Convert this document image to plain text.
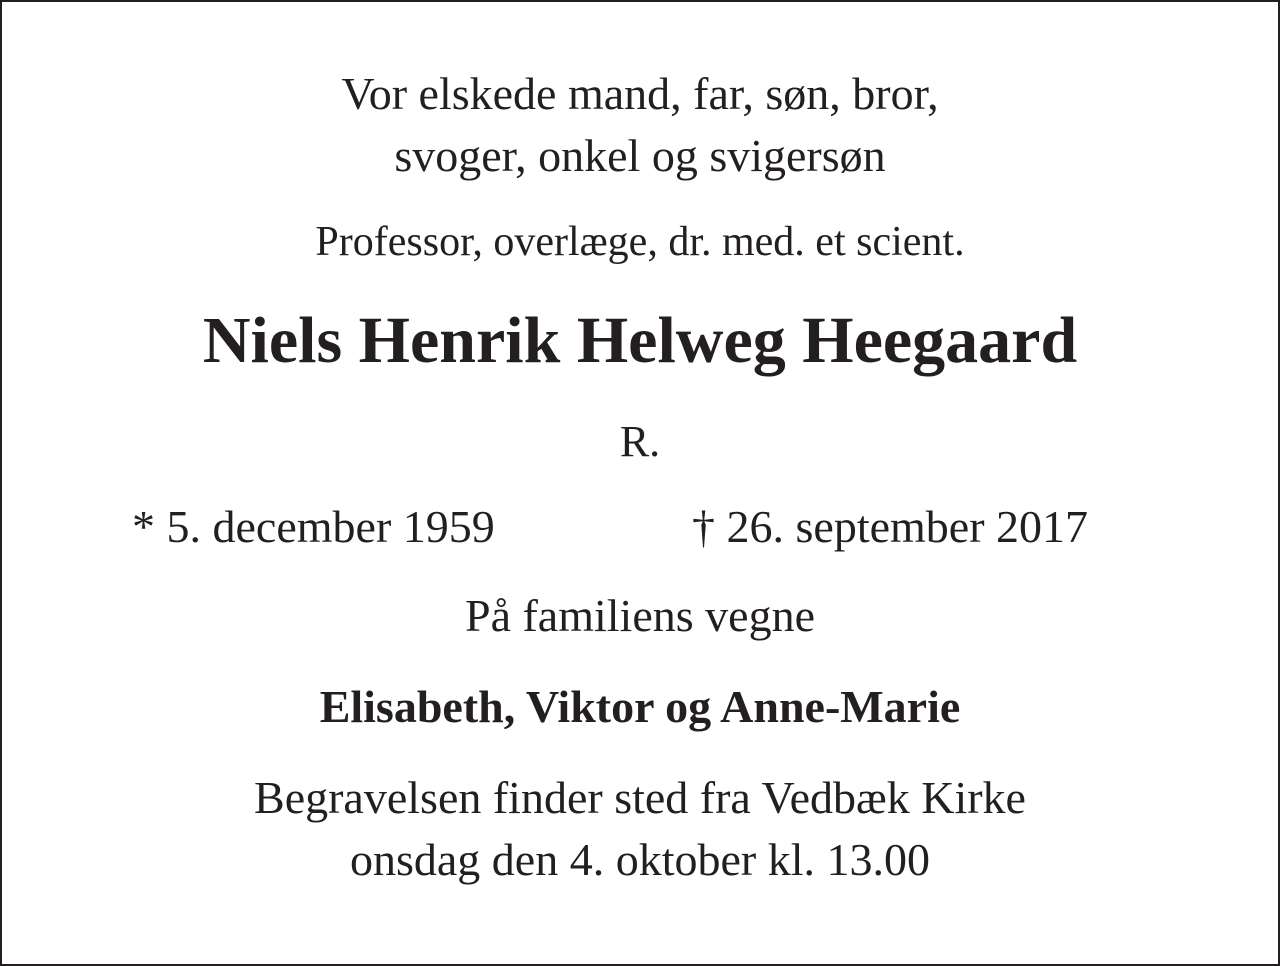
Vor elskede mand, far, søn, bror,
svoger, onkel og svigersøn
Professor, overlæge, dr. med. et scient.
Niels Henrik Helweg Heegaard
R.
* 5. december 1959	† 26. september 2017
På familiens vegne
Elisabeth, Viktor og Anne-Marie
Begravelsen finder sted fra Vedbæk Kirke
onsdag den 4. oktober kl. 13.00
